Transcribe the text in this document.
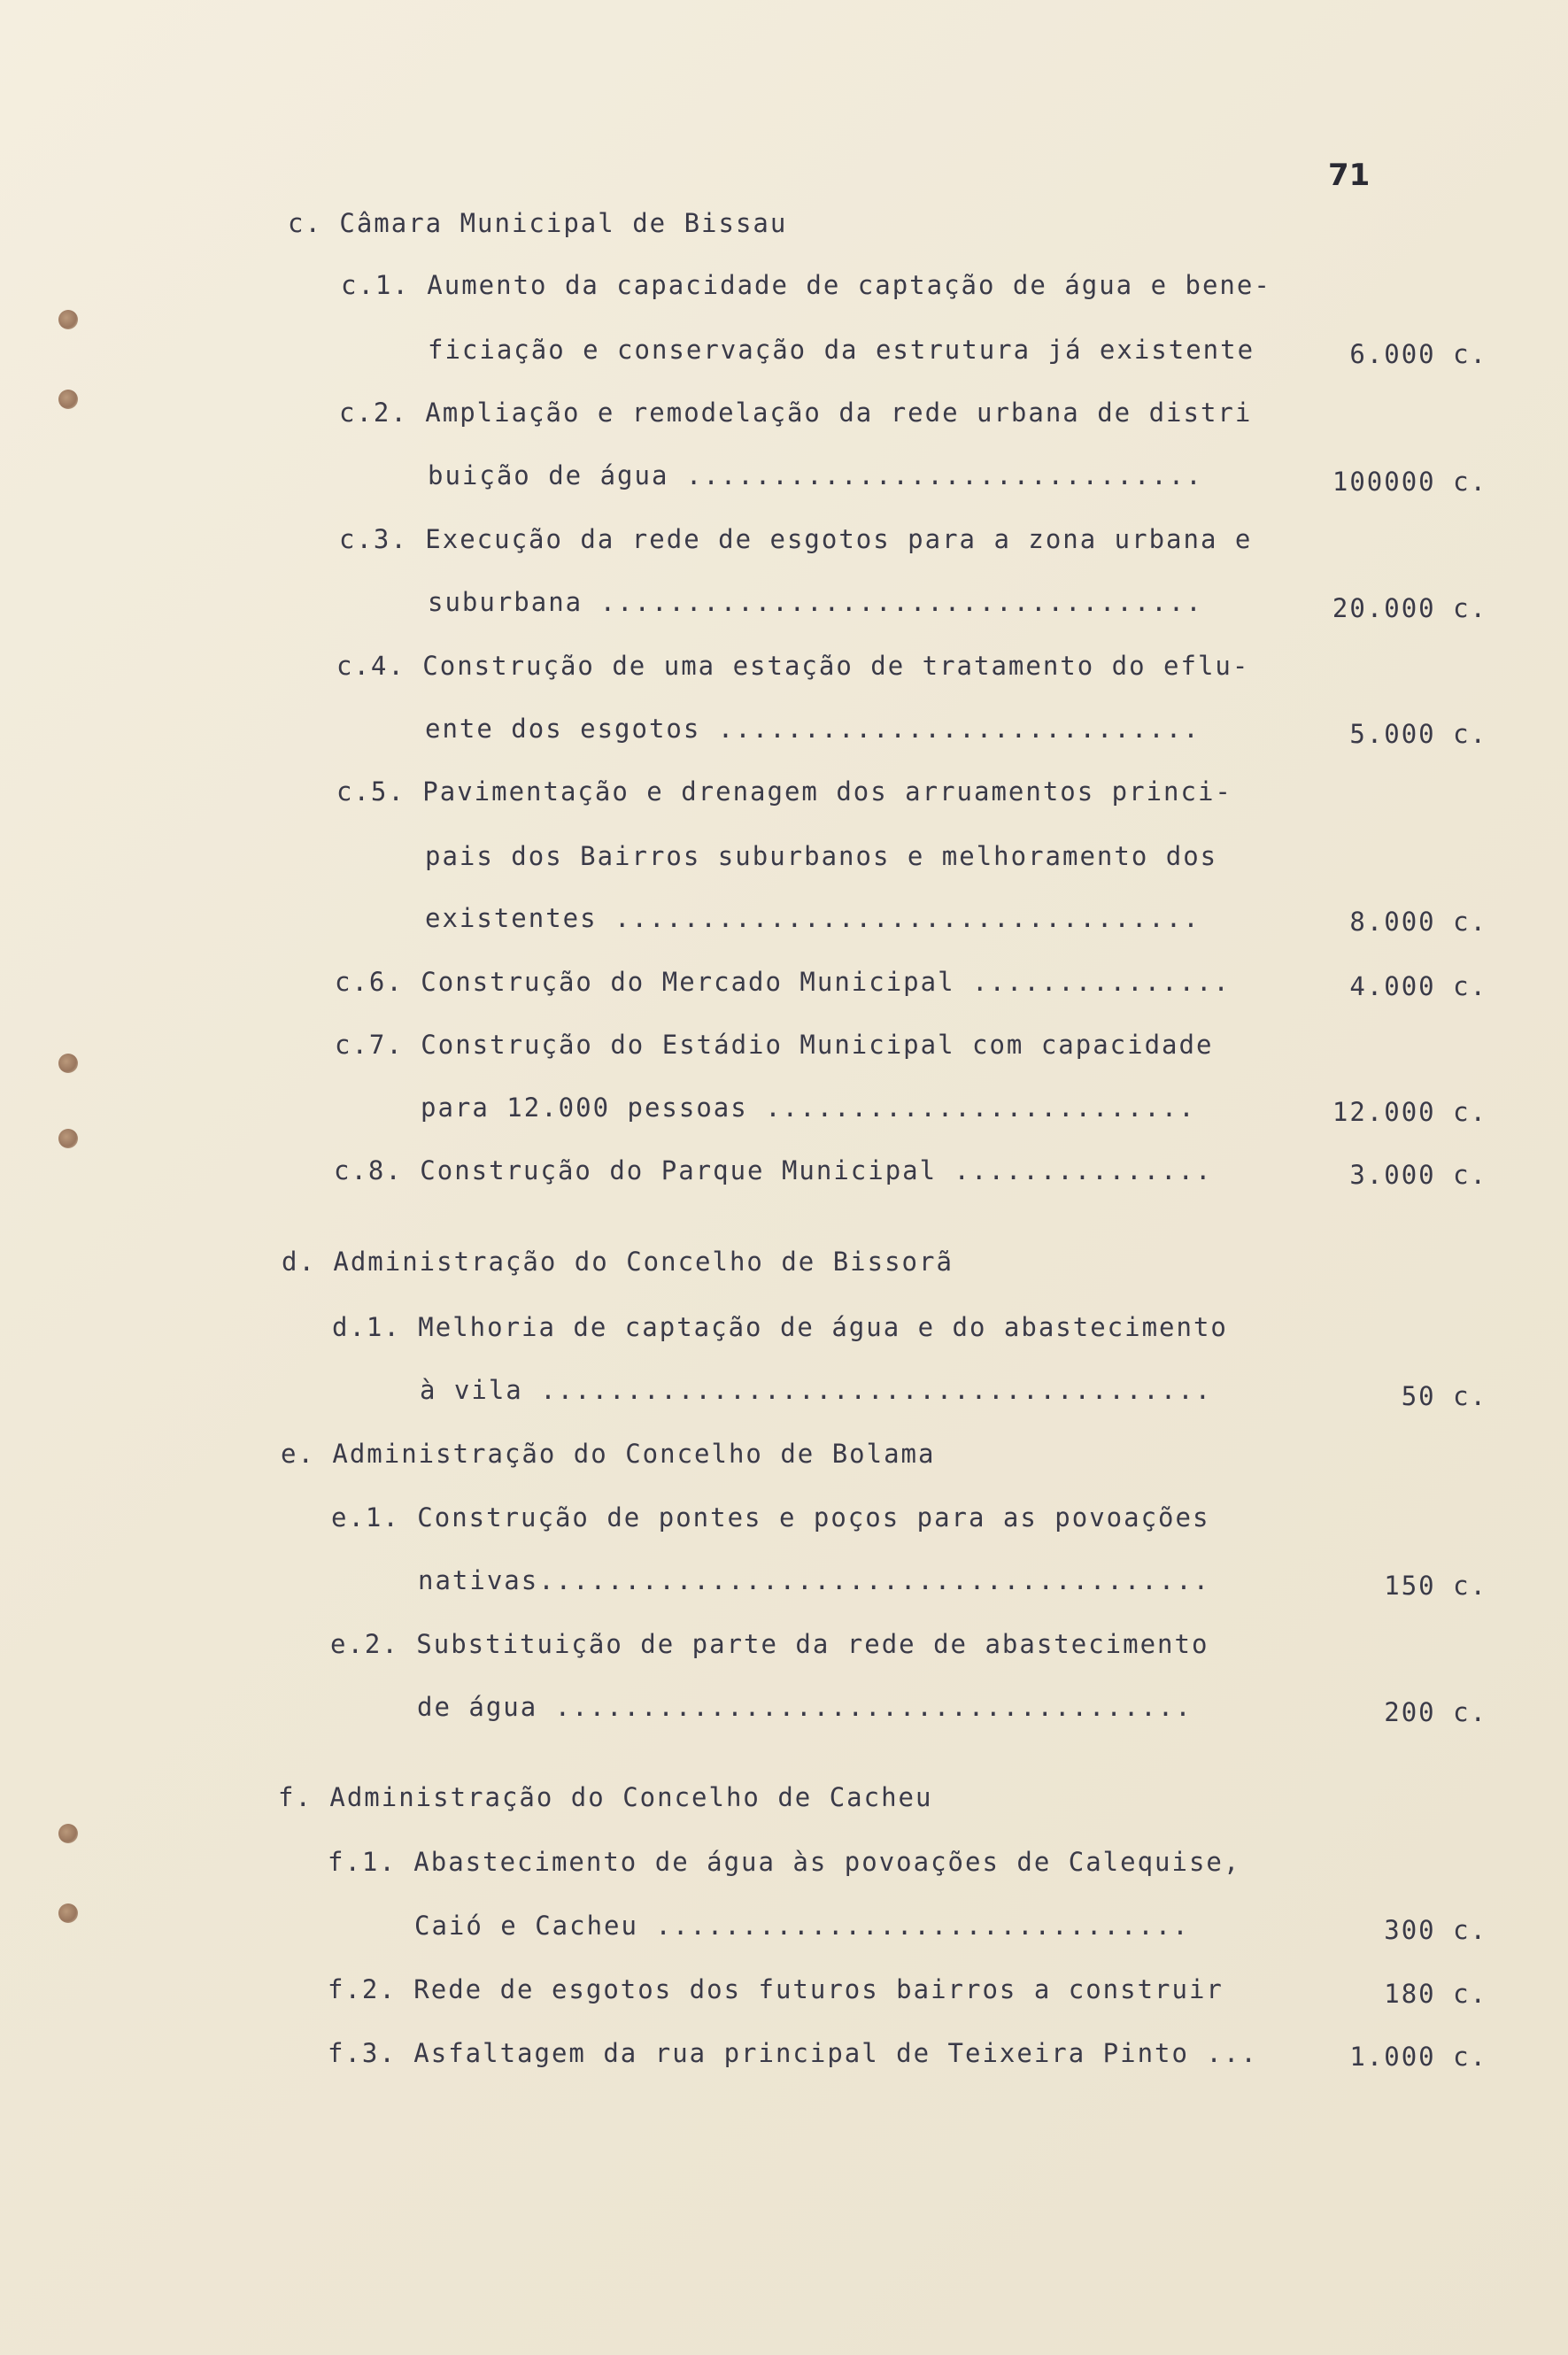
71
c. Câmara Municipal de Bissau
c.1. Aumento da capacidade de captação de água e bene-
ficiação e conservação da estrutura já existente	6.000 c.
c.2. Ampliação e remodelação da rede urbana de distri
buição de água ..............................	100000 c.
c.3. Execução da rede de esgotos para a zona urbana e
suburbana ...................................	20.000 c.
c.4. Construção de uma estação de tratamento do eflu-
ente dos esgotos ............................	5.000 c.
c.5. Pavimentação e drenagem dos arruamentos princi-
pais dos Bairros suburbanos e melhoramento dos
existentes ..................................	8.000 c.
c.6. Construção do Mercado Municipal ...............	4.000 c.
c.7. Construção do Estádio Municipal com capacidade
para 12.000 pessoas .........................	12.000 c.
c.8. Construção do Parque Municipal ...............	3.000 c.
d. Administração do Concelho de Bissorã
d.1. Melhoria de captação de água e do abastecimento
à vila .......................................	50 c.
e. Administração do Concelho de Bolama
e.1. Construção de pontes e poços para as povoações
nativas.......................................	150 c.
e.2. Substituição de parte da rede de abastecimento
de água .....................................	200 c.
f. Administração do Concelho de Cacheu
f.1. Abastecimento de água às povoações de Calequise,
Caió e Cacheu ...............................	300 c.
f.2. Rede de esgotos dos futuros bairros a construir	180 c.
f.3. Asfaltagem da rua principal de Teixeira Pinto ...	1.000 c.
